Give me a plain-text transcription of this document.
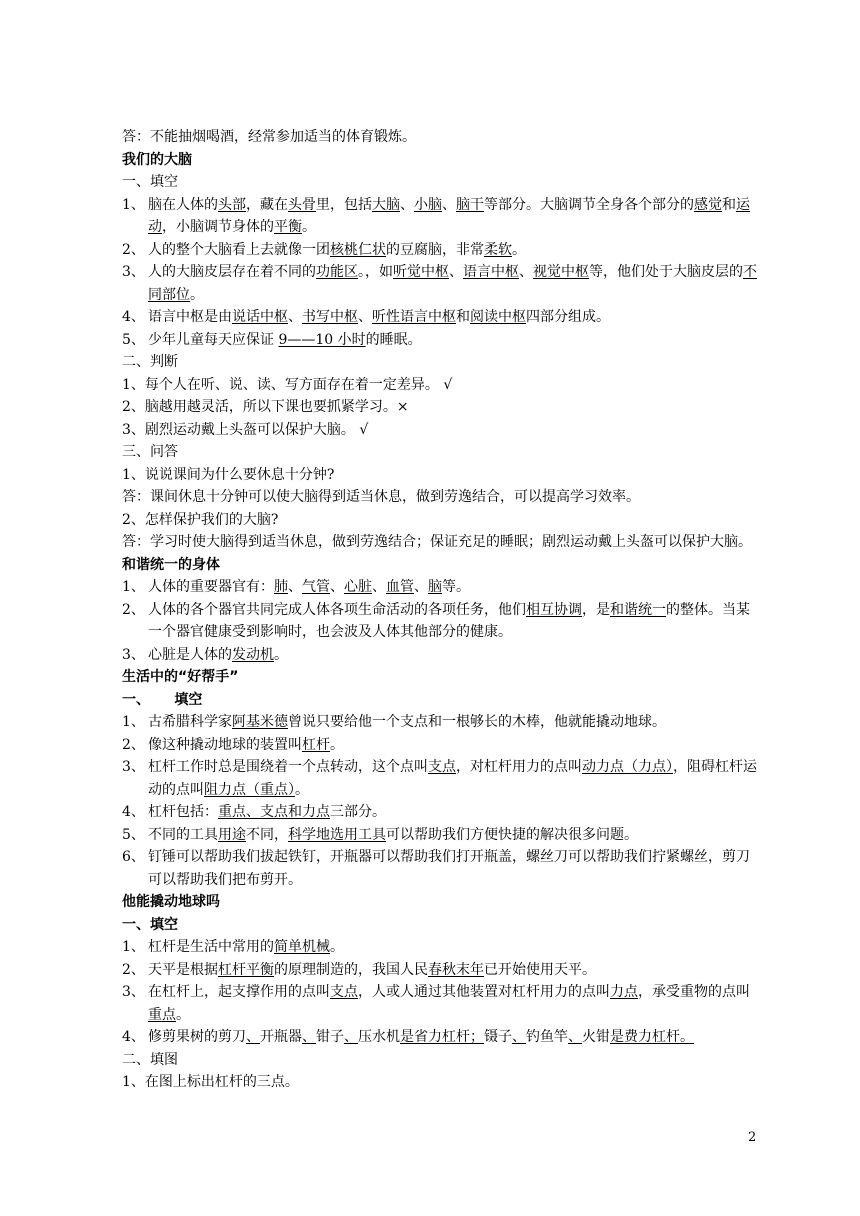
答：不能抽烟喝酒，经常参加适当的体育锻炼。

我们的大脑

一、填空

1、 脑在人体的头部，藏在头骨里，包括大脑、小脑、脑干等部分。大脑调节全身各个部分的感觉和运动，小脑调节身体的平衡。
2、 人的整个大脑看上去就像一团核桃仁状的豆腐脑，非常柔软。
3、 人的大脑皮层存在着不同的功能区。，如听觉中枢、语言中枢、视觉中枢等，他们处于大脑皮层的不同部位。
4、 语言中枢是由说话中枢、书写中枢、听性语言中枢和阅读中枢四部分组成。
5、 少年儿童每天应保证 9——10 小时的睡眠。

二、判断

1、每个人在听、说、读、写方面存在着一定差异。 √

2、脑越用越灵活，所以下课也要抓紧学习。×

3、剧烈运动戴上头盔可以保护大脑。 √

三、问答

1、说说课间为什么要休息十分钟?

答：课间休息十分钟可以使大脑得到适当休息，做到劳逸结合，可以提高学习效率。

2、怎样保护我们的大脑?

答：学习时使大脑得到适当休息，做到劳逸结合；保证充足的睡眠；剧烈运动戴上头盔可以保护大脑。

和谐统一的身体

1、 人体的重要器官有：肺、气管、心脏、血管、脑等。
2、 人体的各个器官共同完成人体各项生命活动的各项任务，他们相互协调，是和谐统一的整体。当某一个器官健康受到影响时，也会波及人体其他部分的健康。
3、 心脏是人体的发动机。

生活中的“好帮手”

一、     填空

1、 古希腊科学家阿基米德曾说只要给他一个支点和一根够长的木棒，他就能撬动地球。
2、 像这种撬动地球的装置叫杠杆。
3、 杠杆工作时总是围绕着一个点转动，这个点叫支点，对杠杆用力的点叫动力点（力点），阻碍杠杆运动的点叫阻力点（重点）。
4、 杠杆包括：重点、支点和力点三部分。
5、 不同的工具用途不同，科学地选用工具可以帮助我们方便快捷的解决很多问题。
6、 钉锤可以帮助我们拔起铁钉，开瓶器可以帮助我们打开瓶盖，螺丝刀可以帮助我们拧紧螺丝，剪刀可以帮助我们把布剪开。

他能撬动地球吗

一、填空

1、 杠杆是生活中常用的简单机械。
2、 天平是根据杠杆平衡的原理制造的，我国人民春秋末年已开始使用天平。
3、 在杠杆上，起支撑作用的点叫支点，人或人通过其他装置对杠杆用力的点叫力点，承受重物的点叫重点。
4、 修剪果树的剪刀、开瓶器、钳子、压水机是省力杠杆；镊子、钓鱼竿、火钳是费力杠杆。

二、填图

1、在图上标出杠杆的三点。

2
